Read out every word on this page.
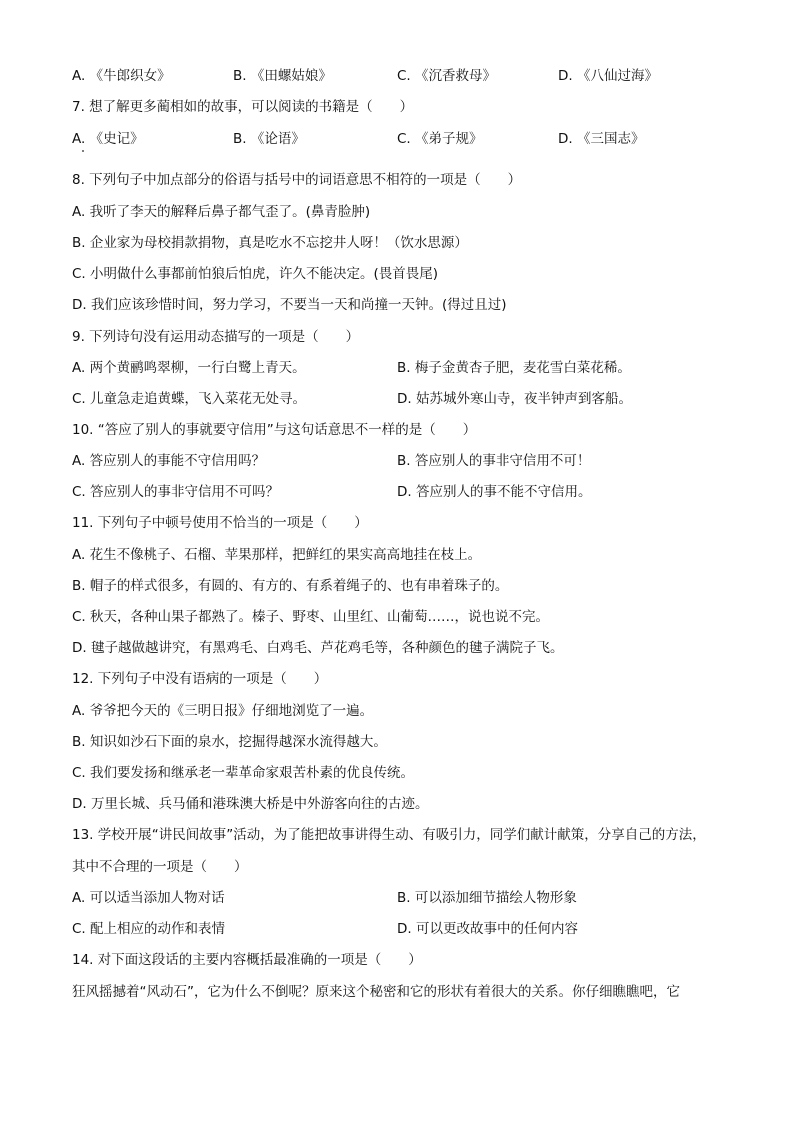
A. 《牛郎织女》	B. 《田螺姑娘》	C. 《沉香救母》	D. 《八仙过海》
7. 想了解更多蔺相如的故事，可以阅读的书籍是（　　）
A. 《史记》	B. 《论语》	C. 《弟子规》	D. 《三国志》
8. 下列句子中加点部分的俗语与括号中的词语意思不相符的一项是（　　）
A. 我听了李天的解释后鼻子都气歪了。(鼻青脸肿)
B. 企业家为母校捐款捐物，真是吃水不忘挖井人呀！（饮水思源）
C. 小明做什么事都前怕狼后怕虎，许久不能决定。(畏首畏尾)
D. 我们应该珍惜时间，努力学习，不要当一天和尚撞一天钟。(得过且过)
9. 下列诗句没有运用动态描写的一项是（　　）
A. 两个黄鹂鸣翠柳，一行白鹭上青天。	B. 梅子金黄杏子肥，麦花雪白菜花稀。
C. 儿童急走追黄蝶，飞入菜花无处寻。	D. 姑苏城外寒山寺，夜半钟声到客船。
10. “答应了别人的事就要守信用”与这句话意思不一样的是（　　）
A. 答应别人的事能不守信用吗？	B. 答应别人的事非守信用不可！
C. 答应别人的事非守信用不可吗？	D. 答应别人的事不能不守信用。
11. 下列句子中顿号使用不恰当的一项是（　　）
A. 花生不像桃子、石榴、苹果那样，把鲜红的果实高高地挂在枝上。
B. 帽子的样式很多，有圆的、有方的、有系着绳子的、也有串着珠子的。
C. 秋天，各种山果子都熟了。榛子、野枣、山里红、山葡萄……，说也说不完。
D. 毽子越做越讲究，有黑鸡毛、白鸡毛、芦花鸡毛等，各种颜色的毽子满院子飞。
12. 下列句子中没有语病的一项是（　　）
A. 爷爷把今天的《三明日报》仔细地浏览了一遍。
B. 知识如沙石下面的泉水，挖掘得越深水流得越大。
C. 我们要发扬和继承老一辈革命家艰苦朴素的优良传统。
D. 万里长城、兵马俑和港珠澳大桥是中外游客向往的古迹。
13. 学校开展“讲民间故事”活动，为了能把故事讲得生动、有吸引力，同学们献计献策，分享自己的方法，
其中不合理的一项是（　　）
A. 可以适当添加人物对话	B. 可以添加细节描绘人物形象
C. 配上相应的动作和表情	D. 可以更改故事中的任何内容
14. 对下面这段话的主要内容概括最准确的一项是（　　）
狂风摇撼着“风动石”，它为什么不倒呢？原来这个秘密和它的形状有着很大的关系。你仔细瞧瞧吧，它
